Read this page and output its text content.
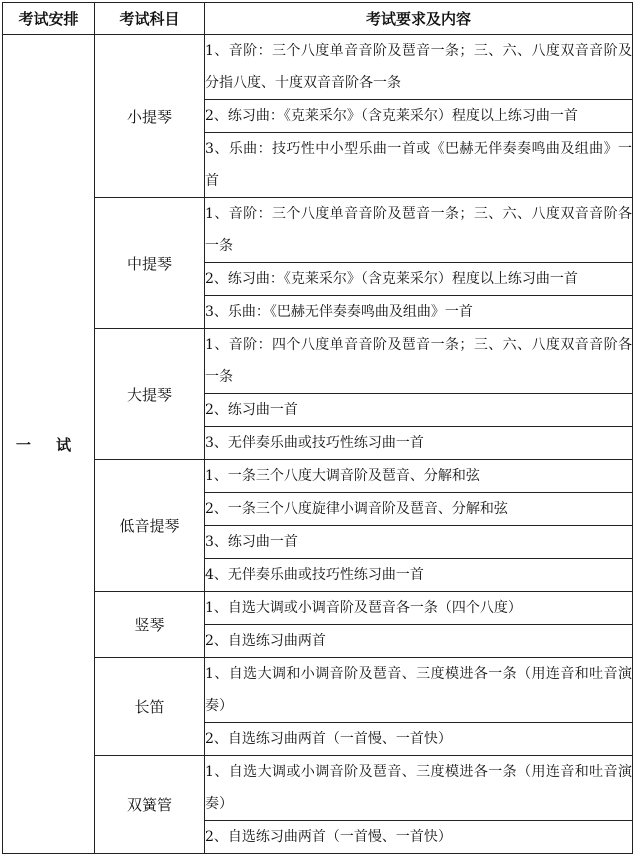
考试安排	考试科目	考试要求及内容
一 试	小提琴	1、音阶：三个八度单音音阶及琶音一条；三、六、八度双音音阶及分指八度、十度双音音阶各一条
		2、练习曲：《克莱采尔》（含克莱采尔）程度以上练习曲一首
		3、乐曲：技巧性中小型乐曲一首或《巴赫无伴奏奏鸣曲及组曲》一首
	中提琴	1、音阶：三个八度单音音阶及琶音一条；三、六、八度双音音阶各一条
		2、练习曲：《克莱采尔》（含克莱采尔）程度以上练习曲一首
		3、乐曲：《巴赫无伴奏奏鸣曲及组曲》一首
	大提琴	1、音阶：四个八度单音音阶及琶音一条；三、六、八度双音音阶各一条
		2、练习曲一首
		3、无伴奏乐曲或技巧性练习曲一首
	低音提琴	1、一条三个八度大调音阶及琶音、分解和弦
		2、一条三个八度旋律小调音阶及琶音、分解和弦
		3、练习曲一首
		4、无伴奏乐曲或技巧性练习曲一首
	竖琴	1、自选大调或小调音阶及琶音各一条（四个八度）
		2、自选练习曲两首
	长笛	1、自选大调和小调音阶及琶音、三度模进各一条（用连音和吐音演奏）
		2、自选练习曲两首（一首慢、一首快）
	双簧管	1、自选大调或小调音阶及琶音、三度模进各一条（用连音和吐音演奏）
		2、自选练习曲两首（一首慢、一首快）
